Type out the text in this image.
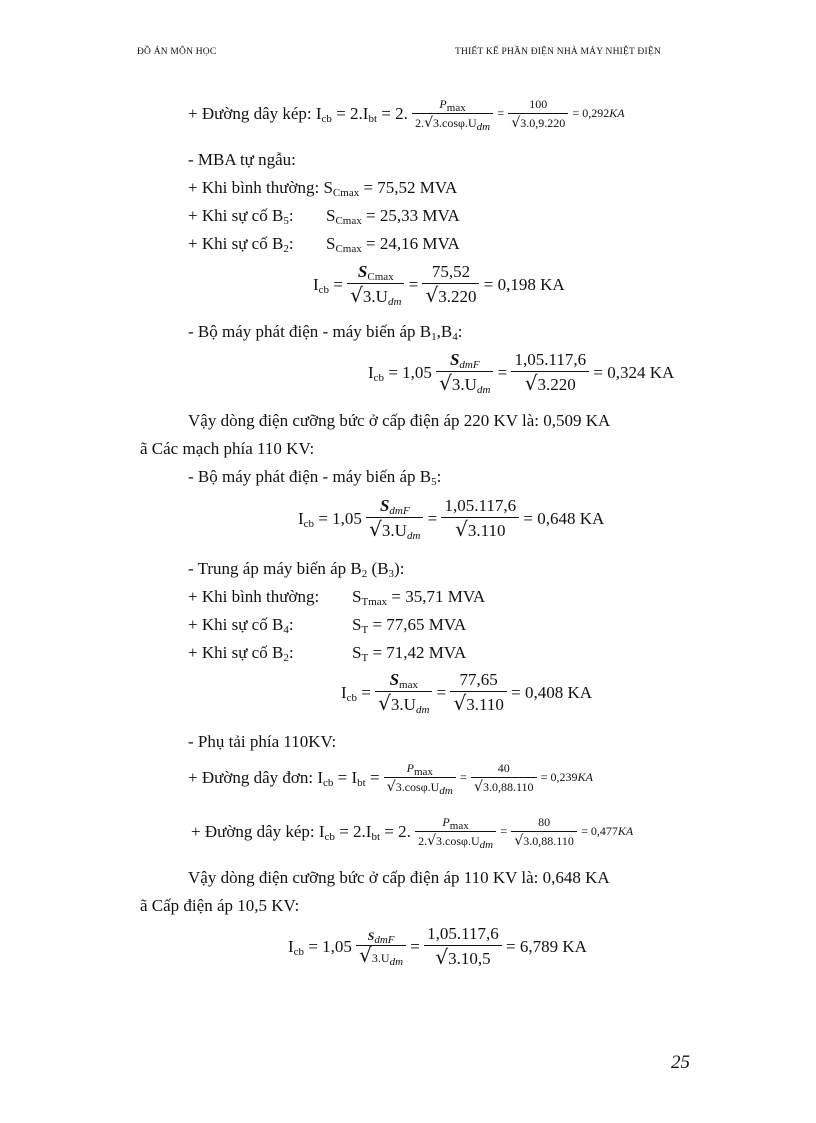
ĐỒ ÁN MÔN HỌC	THIẾT KẾ PHẦN ĐIỆN NHÀ MÁY NHIỆT ĐIỆN
+ Đường dây kép: $I_{cb} = 2.I_{bt} = 2$. $\frac{P_{max}}{2.√3.\cos\varphi.U_{dm}} = \frac{100}{√3.0,9.220} = 0,292KA$
- MBA tự ngẫu:
+ Khi bình thường: $S_{Cmax} = 75,52$ MVA
+ Khi sự cố $B_5$: $S_{Cmax} = 25,33$ MVA
+ Khi sự cố $B_2$: $S_{Cmax} = 24,16$ MVA
$I_{cb} = \frac{S_{Cmax}}{√3.U_{dm}} = \frac{75,52}{√3.220} = 0,198$ KA
- Bộ máy phát điện - máy biến áp $B_1,B_4$:
$I_{cb} = 1,05 \frac{S_{dmF}}{√3.U_{dm}} = \frac{1,05.117,6}{√3.220} = 0,324$ KA
Vậy dòng điện cưỡng bức ở cấp điện áp 220 KV là: 0,509 KA
ã Các mạch phía 110 KV:
- Bộ máy phát điện - máy biến áp $B_5$:
$I_{cb} = 1,05 \frac{S_{dmF}}{√3.U_{dm}} = \frac{1,05.117,6}{√3.110} = 0,648$ KA
- Trung áp máy biến áp $B_2$ $(B_3)$:
+ Khi bình thường: $S_{Tmax} = 35,71$ MVA
+ Khi sự cố $B_4$:	$S_T = 77,65$ MVA
+ Khi sự cố $B_2$:	$S_T = 71,42$ MVA
$I_{cb} = \frac{S_{max}}{√3.U_{dm}} = \frac{77,65}{√3.110} = 0,408$ KA
- Phụ tải phía 110KV:
+ Đường dây đơn: $I_{cb} = I_{bt} = \frac{P_{max}}{√3.\cos\varphi.U_{dm}} = \frac{40}{√3.0,88.110} = 0,239KA$
+ Đường dây kép: $I_{cb} = 2.I_{bt} = 2$. $\frac{P_{max}}{2.√3.\cos\varphi.U_{dm}} = \frac{80}{√3.0,88.110} = 0,477KA$
Vậy dòng điện cưỡng bức ở cấp điện áp 110 KV là: 0,648 KA
ã Cấp điện áp 10,5 KV:
$I_{cb} = 1,05 \frac{S_{dmF}}{√3.U_{dm}} = \frac{1,05.117,6}{√3.10,5} = 6,789$ KA
25
